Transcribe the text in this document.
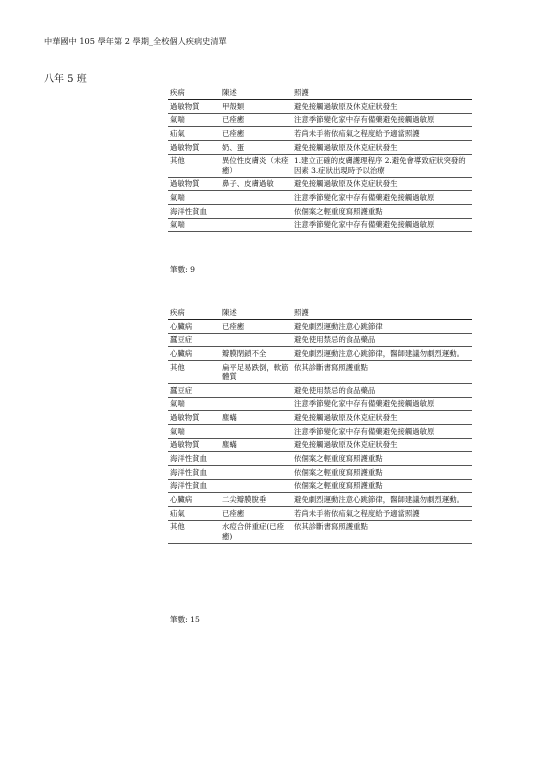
中華國中 105 學年第 2 學期_全校個人疾病史清單
八年 5 班
疾病	陳述	照護
過敏物質	甲殼類	避免接觸過敏原及休克症狀發生
氣喘	已痊癒	注意季節變化家中存有備藥避免接觸過敏原
疝氣	已痊癒	若尚未手術依疝氣之程度給予適當照護
過敏物質	奶、蛋	避免接觸過敏原及休克症狀發生
其他	異位性皮膚炎（未痊癒）	1.建立正確的皮膚護理程序 2.避免會導致症狀突發的因素 3.症狀出現時予以治療
過敏物質	鼻子、皮膚過敏	避免接觸過敏原及休克症狀發生
氣喘		注意季節變化家中存有備藥避免接觸過敏原
海洋性貧血		依個案之輕重度寫照護重點
氣喘		注意季節變化家中存有備藥避免接觸過敏原
筆數: 9
疾病	陳述	照護
心臟病	已痊癒	避免劇烈運動注意心跳節律
蠶豆症		避免使用禁忌的食品藥品
心臟病	瓣膜閉鎖不全	避免劇烈運動注意心跳節律，醫師建議勿劇烈運動。
其他	扁平足易跌倒，軟筋體質	依其診斷書寫照護重點
蠶豆症		避免使用禁忌的食品藥品
氣喘		注意季節變化家中存有備藥避免接觸過敏原
過敏物質	塵蟎	避免接觸過敏原及休克症狀發生
氣喘		注意季節變化家中存有備藥避免接觸過敏原
過敏物質	塵蟎	避免接觸過敏原及休克症狀發生
海洋性貧血		依個案之輕重度寫照護重點
海洋性貧血		依個案之輕重度寫照護重點
海洋性貧血		依個案之輕重度寫照護重點
心臟病	二尖瓣膜脫垂	避免劇烈運動注意心跳節律，醫師建議勿劇烈運動。
疝氣	已痊癒	若尚未手術依疝氣之程度給予適當照護
其他	水痘合併重症(已痊癒)	依其診斷書寫照護重點
筆數: 15
